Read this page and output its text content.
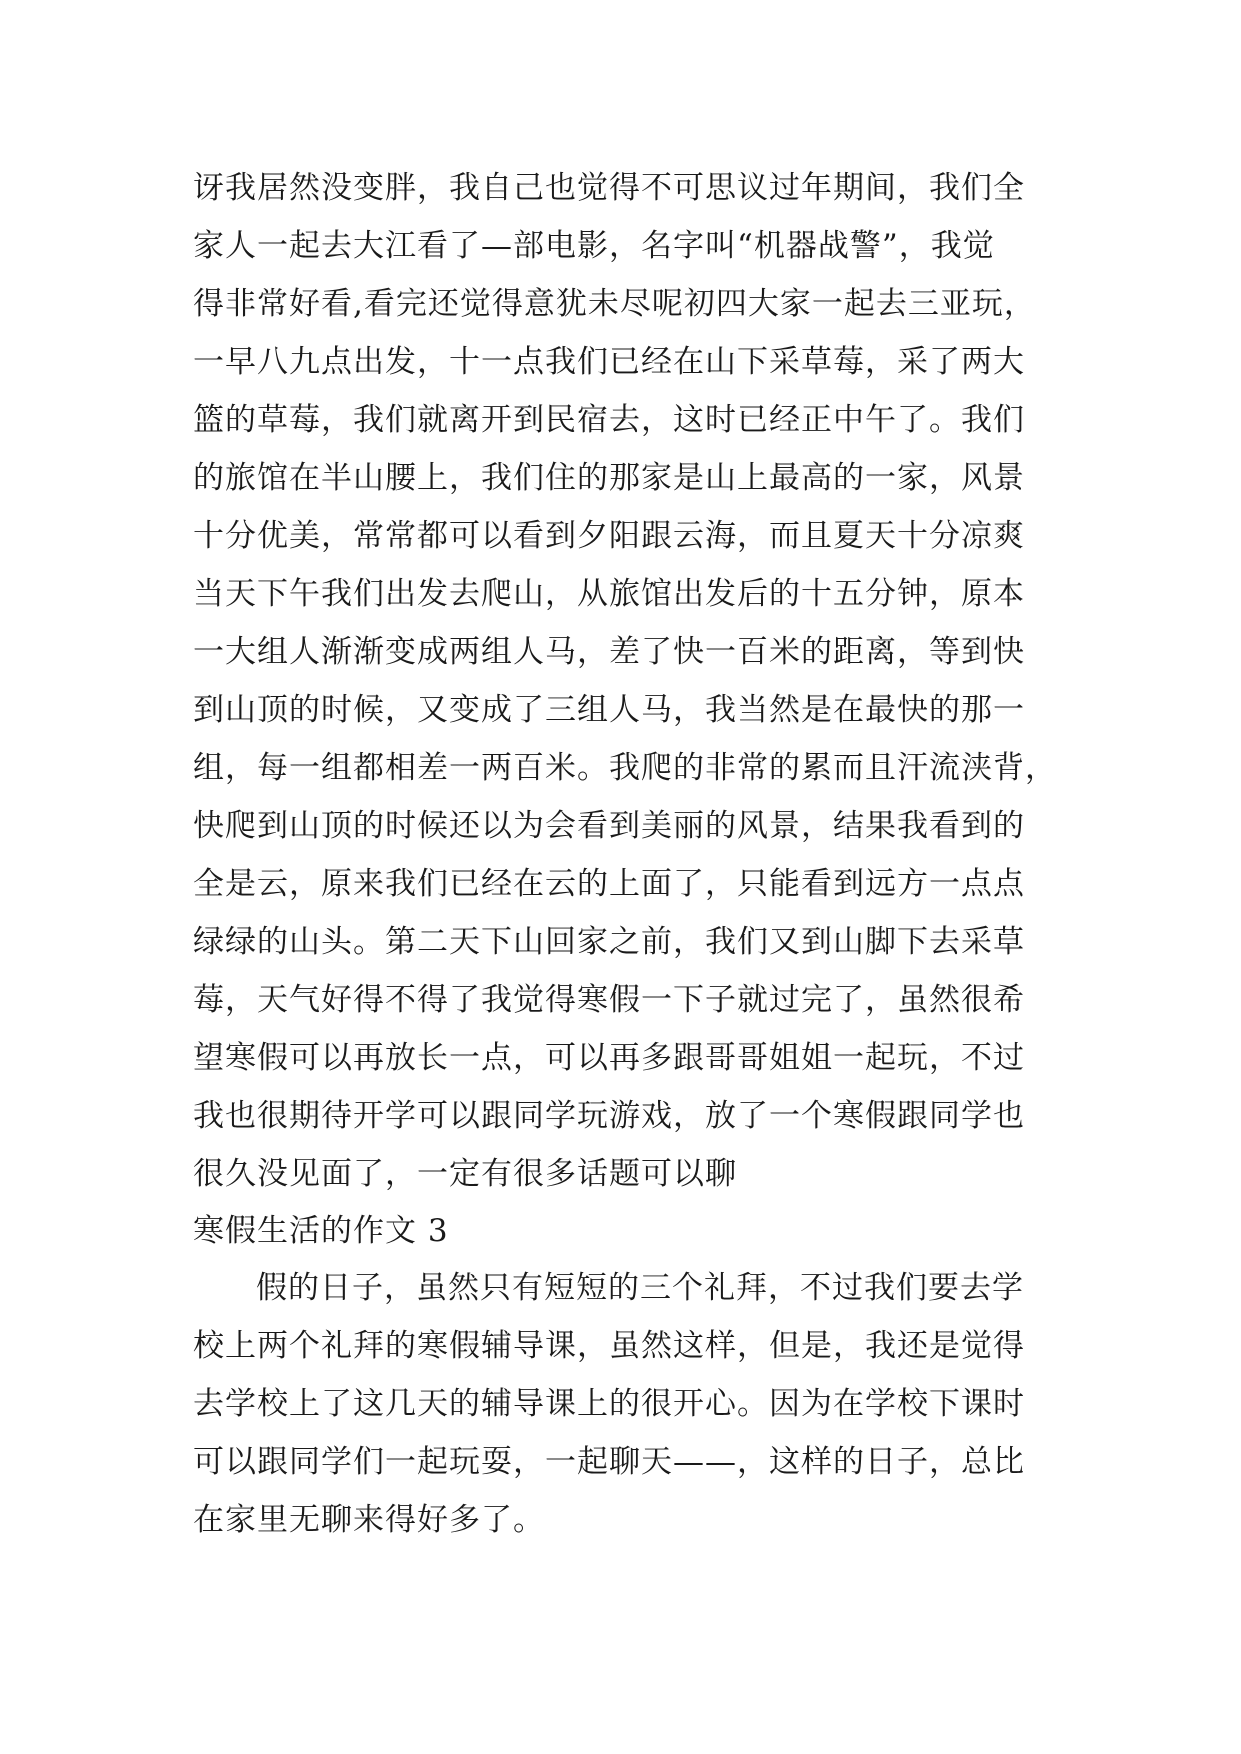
讶我居然没变胖，我自己也觉得不可思议过年期间，我们全
家人一起去大江看了—部电影，名字叫“机器战警”，我觉
得非常好看,看完还觉得意犹未尽呢初四大家一起去三亚玩，
一早八九点出发，十一点我们已经在山下采草莓，采了两大
篮的草莓，我们就离开到民宿去，这时已经正中午了。我们
的旅馆在半山腰上，我们住的那家是山上最高的一家，风景
十分优美，常常都可以看到夕阳跟云海，而且夏天十分凉爽
当天下午我们出发去爬山，从旅馆出发后的十五分钟，原本
一大组人渐渐变成两组人马，差了快一百米的距离，等到快
到山顶的时候，又变成了三组人马，我当然是在最快的那一
组，每一组都相差一两百米。我爬的非常的累而且汗流浃背，
快爬到山顶的时候还以为会看到美丽的风景，结果我看到的
全是云，原来我们已经在云的上面了，只能看到远方一点点
绿绿的山头。第二天下山回家之前，我们又到山脚下去采草
莓，天气好得不得了我觉得寒假一下子就过完了，虽然很希
望寒假可以再放长一点，可以再多跟哥哥姐姐一起玩，不过
我也很期待开学可以跟同学玩游戏，放了一个寒假跟同学也
很久没见面了，一定有很多话题可以聊
寒假生活的作文 3
假的日子，虽然只有短短的三个礼拜，不过我们要去学
校上两个礼拜的寒假辅导课，虽然这样，但是，我还是觉得
去学校上了这几天的辅导课上的很开心。因为在学校下课时
可以跟同学们一起玩耍，一起聊天——，这样的日子，总比
在家里无聊来得好多了。
